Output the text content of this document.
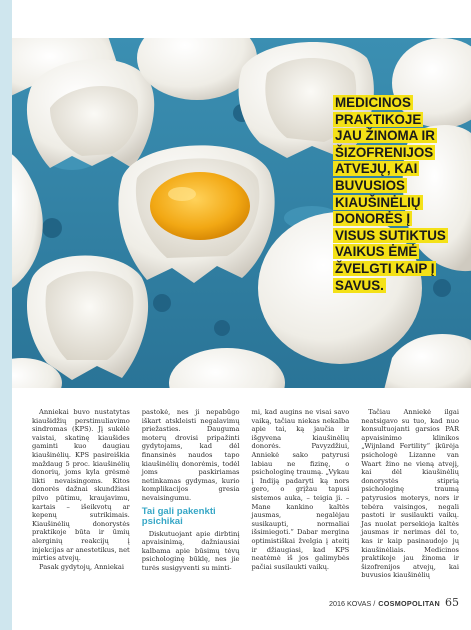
MEDICINOS
PRAKTIKOJE
JAU ŽINOMA IR
ŠIZOFRENIJOS
ATVEJŲ, KAI
BUVUSIOS
KIAUŠINĖLIŲ
DONORĖS Į
VISUS SUTIKTUS
VAIKUS ĖMĖ
ŽVELGTI KAIP Į
SAVUS.

Anniekai buvo nustatytas kiaušidžių perstimuliavimo sindromas (KPS). Jį sukėlė vaistai, skatinę kiaušides gaminti kuo daugiau kiaušinėlių. KPS pasireiškia maždaug 5 proc. kiaušinėlių donorių, joms kyla grėsmė likti nevaisingoms. Kitos donorės dažnai skundžiasi pilvo pūtimu, kraujavimu, kartais – išeikvotų ar kepenų sutrikimais. Kiaušinėlių donorystės praktikoje būta ir ūmių alerginių reakcijų į injekcijas ar anestetikus, net mirties atvejų.

Pasak gydytojų, Anniekai

pastokė, nes ji nepabūgo iškart atskleisti negalavimų priežasties. Dauguma moterų drovisi pripažinti gydytojams, kad dėl finansinės naudos tapo kiaušinėlių donorėmis, todėl joms paskiriamas netinkamas gydymas, kurio komplikacijos gresia nevaisingumu.

Tai gali pakenkti
psichikai

Diskutuojant apie dirbtinį apvaisinimą, dažniausiai kalbama apie būsimų tėvų psichologinę būklę, nes jie turės susigyventi su minti-

mi, kad augins ne visai savo vaiką, tačiau niekas nekalba apie tai, ką jaučia ir išgyvena kiaušinėlių donorės. Pavyzdžiui, Anniekė sako patyrusi labiau ne fizinę, o psichologinę traumą. „Vykau į Indiją padaryti ką nors gero, o grįžau tapusi sistemos auka, – teigia ji. – Mane kankino kaltės jausmas, negalėjau susikaupti, normaliai išsimiegoti.“ Dabar mergina optimistiškai žvelgia į ateitį ir džiaugiasi, kad KPS neatėmė iš jos galimybės pačiai susilaukti vaikų.

Tačiau Anniekė ilgai neatsigavo su tuo, kad nuo konsultuojanti garsios PAR apvaisinimo klinikos „Wijnland Fertility“ įkūrėja psichologė Lizanne van Waart žino ne vieną atvejį, kai dėl kiaušinėlių donorystės stiprią psichologinę traumą patyrusios moterys, nors ir tebėra vaisingos, negali pastoti ir susilaukti vaikų. Jas nuolat persekioja kaltės jausmas ir nerimas dėl to, kas ir kaip pasinaudojo jų kiaušinėliais. Medicinos praktikoje jau žinoma ir šizofrenijos atvejų, kai buvusios kiaušinėlių

2016 KOVAS / COSMOPOLITAN 65
